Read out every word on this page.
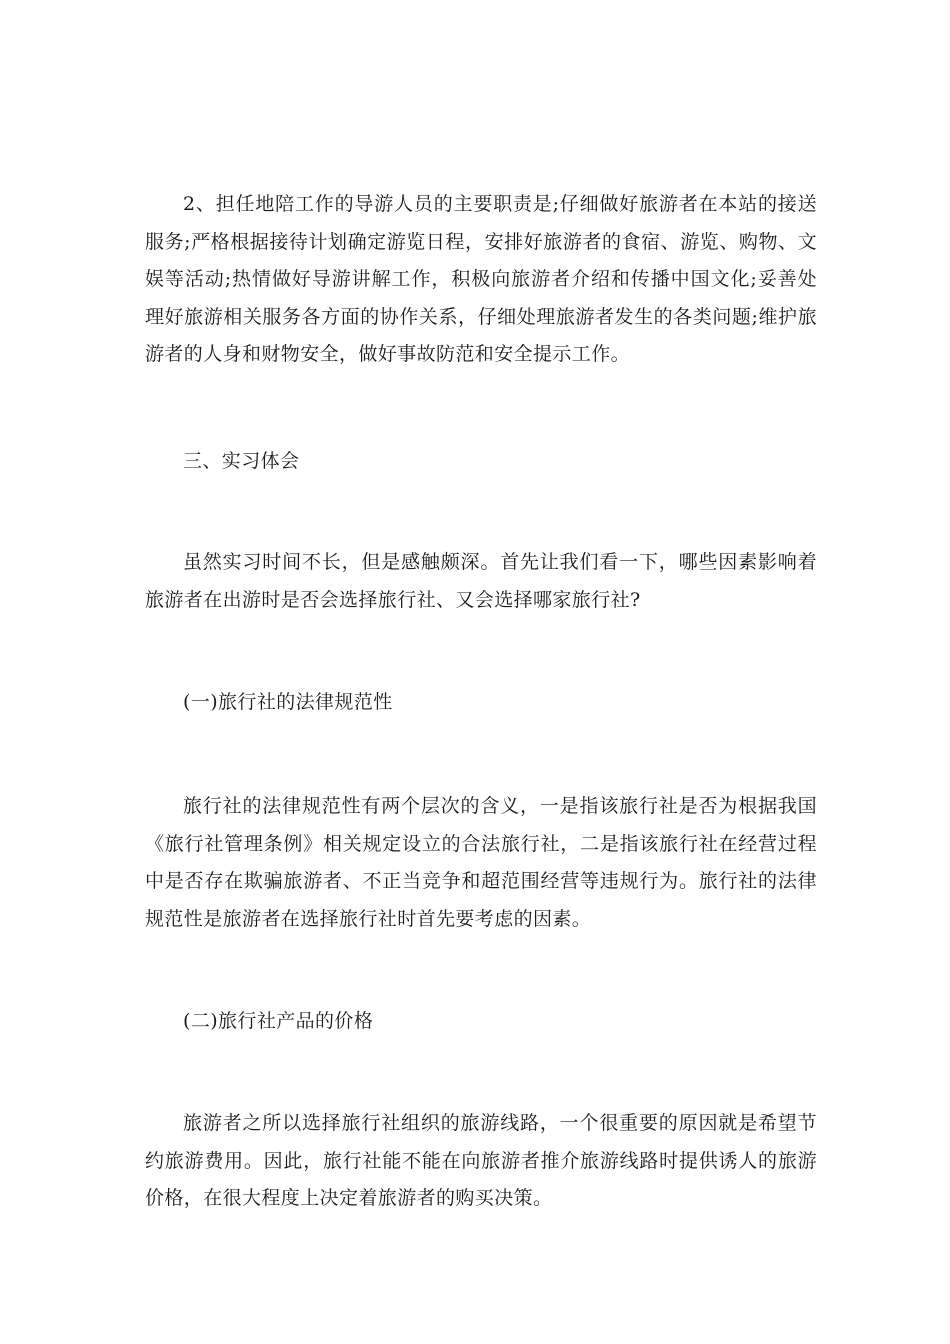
2、担任地陪工作的导游人员的主要职责是;仔细做好旅游者在本站的接送服务;严格根据接待计划确定游览日程，安排好旅游者的食宿、游览、购物、文娱等活动;热情做好导游讲解工作，积极向旅游者介绍和传播中国文化;妥善处理好旅游相关服务各方面的协作关系，仔细处理旅游者发生的各类问题;维护旅游者的人身和财物安全，做好事故防范和安全提示工作。

三、实习体会

虽然实习时间不长，但是感触颇深。首先让我们看一下，哪些因素影响着旅游者在出游时是否会选择旅行社、又会选择哪家旅行社?

(一)旅行社的法律规范性

旅行社的法律规范性有两个层次的含义，一是指该旅行社是否为根据我国《旅行社管理条例》相关规定设立的合法旅行社，二是指该旅行社在经营过程中是否存在欺骗旅游者、不正当竞争和超范围经营等违规行为。旅行社的法律规范性是旅游者在选择旅行社时首先要考虑的因素。

(二)旅行社产品的价格

旅游者之所以选择旅行社组织的旅游线路，一个很重要的原因就是希望节约旅游费用。因此，旅行社能不能在向旅游者推介旅游线路时提供诱人的旅游价格，在很大程度上决定着旅游者的购买决策。
